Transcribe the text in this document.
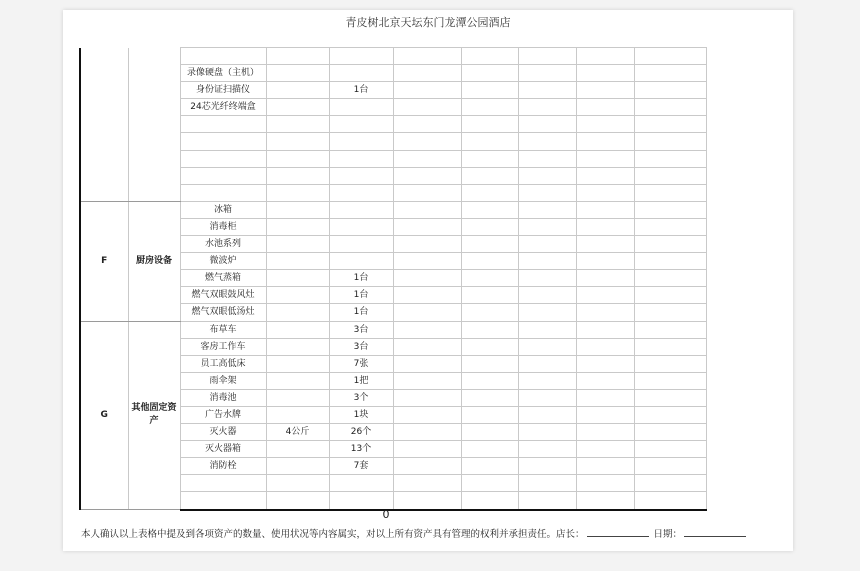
青皮树北京天坛东门龙潭公园酒店

		录像硬盘（主机）							
		身份证扫描仪		1台					
		24芯光纤终端盒							

F	厨房设备	冰箱							
		消毒柜							
		水池系列							
		微波炉							
		燃气蒸箱		1台					
		燃气双眼鼓风灶		1台					
		燃气双眼低汤灶		1台					
G	其他固定资产	布草车		3台					
		客房工作车		3台					
		员工高低床		7张					
		雨伞架		1把					
		消毒池		3个					
		广告水牌		1块					
		灭火器	4公斤	26个					
		灭火器箱		13个					
		消防栓		7套					

0
本人确认以上表格中提及到各项资产的数量、使用状况等内容属实，对以上所有资产具有管理的权利并承担责任。店长：	日期：
